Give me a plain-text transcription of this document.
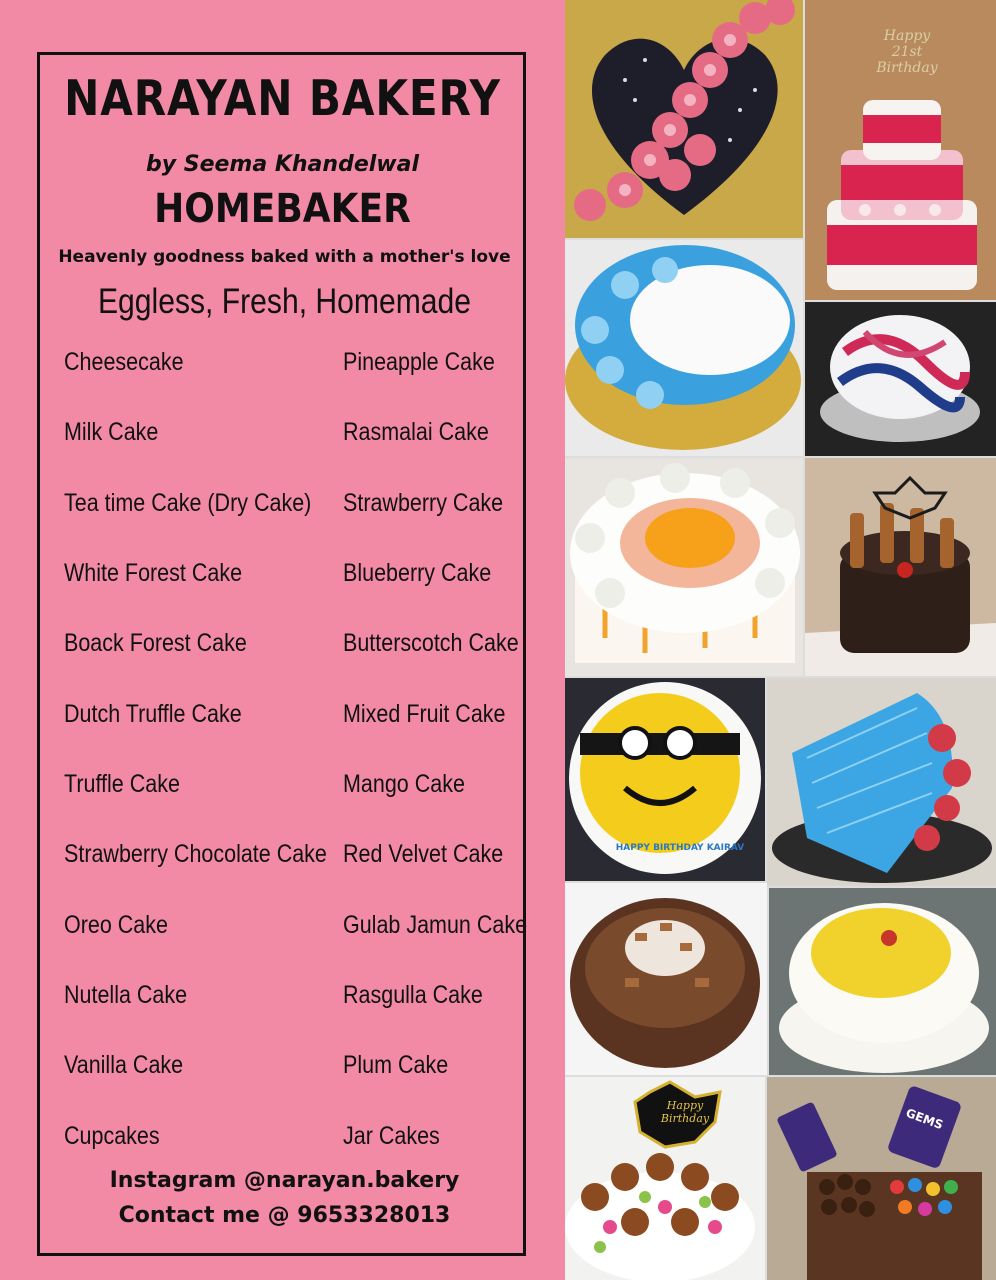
NARAYAN BAKERY
by Seema Khandelwal
HOMEBAKER
Heavenly goodness baked with a mother's love
Eggless, Fresh, Homemade
Cheesecake
Milk Cake
Tea time Cake (Dry Cake)
White Forest Cake
Boack Forest Cake
Dutch Truffle Cake
Truffle Cake
Strawberry Chocolate Cake
Oreo Cake
Nutella Cake
Vanilla Cake
Cupcakes
Pineapple Cake
Rasmalai Cake
Strawberry Cake
Blueberry Cake
Butterscotch Cake
Mixed Fruit Cake
Mango Cake
Red Velvet Cake
Gulab Jamun Cake
Rasgulla Cake
Plum Cake
Jar Cakes
Instagram @narayan.bakery
Contact me @ 9653328013
Happy 21st Birthday
HAPPY BIRTHDAY KAIRAV
Happy Birthday	GEMS
